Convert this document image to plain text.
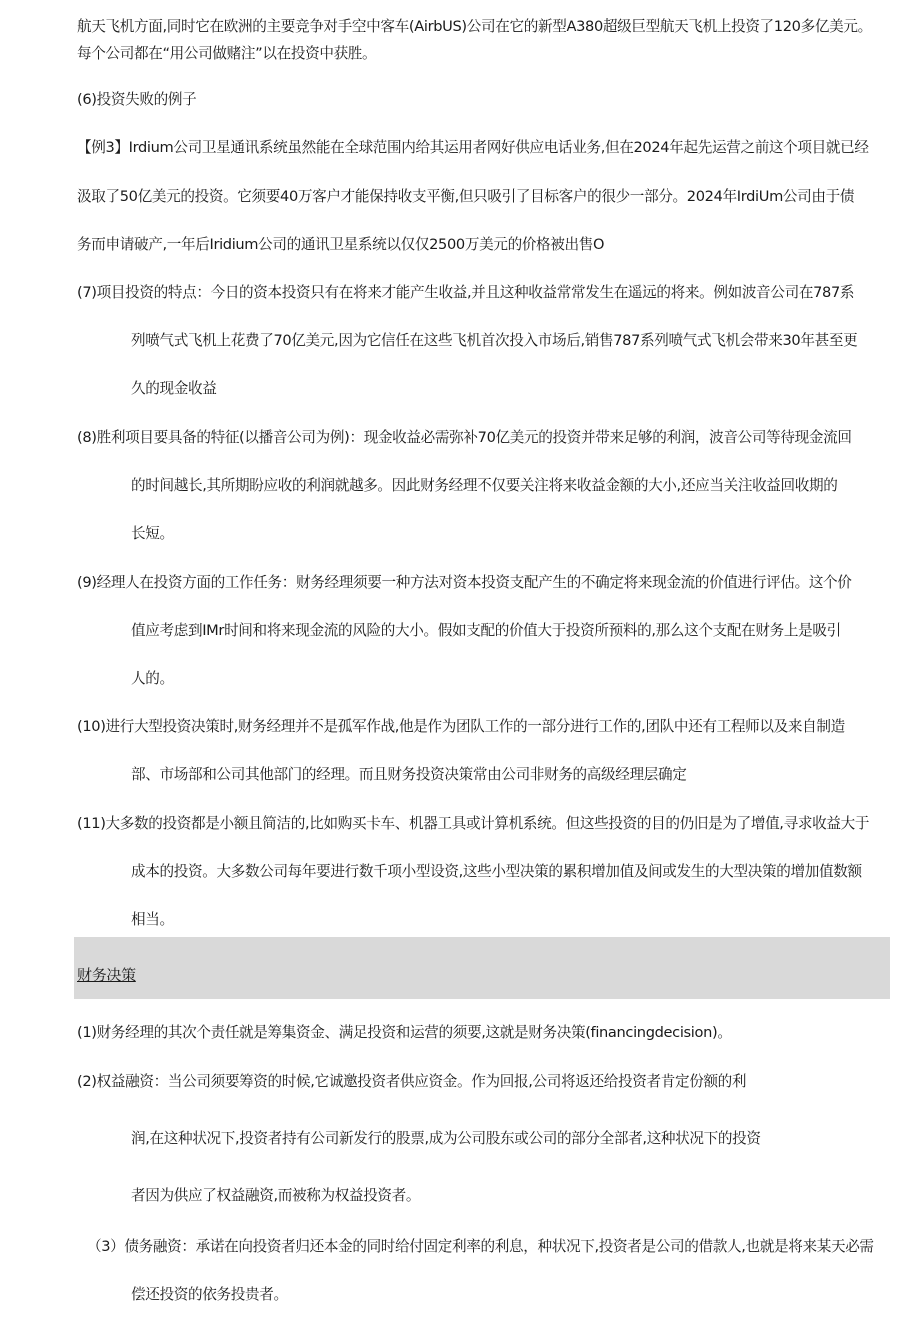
航天飞机方面,同时它在欧洲的主要竞争对手空中客车(AirbUS)公司在它的新型A380超级巨型航天飞机上投资了120多亿美元。
每个公司都在“用公司做赌注”以在投资中获胜。
(6)投资失败的例子
【例3】Irdium公司卫星通讯系统虽然能在全球范围内给其运用者网好供应电话业务,但在2024年起先运营之前这个项目就已经
汲取了50亿美元的投资。它须要40万客户才能保持收支平衡,但只吸引了目标客户的很少一部分。2024年IrdiUm公司由于债
务而申请破产,一年后Iridium公司的通讯卫星系统以仅仅2500万美元的价格被出售O
(7)项目投资的特点：今日的资本投资只有在将来才能产生收益,并且这种收益常常发生在遥远的将来。例如波音公司在787系
列喷气式飞机上花费了70亿美元,因为它信任在这些飞机首次投入市场后,销售787系列喷气式飞机会带来30年甚至更
久的现金收益
(8)胜利项目要具备的特征(以播音公司为例)：现金收益必需弥补70亿美元的投资并带来足够的利润，波音公司等待现金流回
的时间越长,其所期盼应收的利润就越多。因此财务经理不仅要关注将来收益金额的大小,还应当关注收益回收期的
长短。
(9)经理人在投资方面的工作任务：财务经理须要一种方法对资本投资支配产生的不确定将来现金流的价值进行评估。这个价
值应考虑到IMr时间和将来现金流的风险的大小。假如支配的价值大于投资所预料的,那么这个支配在财务上是吸引
人的。
(10)进行大型投资决策时,财务经理并不是孤军作战,他是作为团队工作的一部分进行工作的,团队中还有工程师以及来自制造
部、市场部和公司其他部门的经理。而且财务投资决策常由公司非财务的高级经理层确定
(11)大多数的投资都是小额且简洁的,比如购买卡车、机器工具或计算机系统。但这些投资的目的仍旧是为了增值,寻求收益大于
成本的投资。大多数公司每年要进行数千项小型设资,这些小型决策的累积增加值及间或发生的大型决策的增加值数额
相当。
财务决策
(1)财务经理的其次个责任就是筹集资金、满足投资和运营的须要,这就是财务决策(financingdecision)。
(2)权益融资：当公司须要筹资的时候,它诚邀投资者供应资金。作为回报,公司将返还给投资者肯定份额的利
润,在这种状况下,投资者持有公司新发行的股票,成为公司股东或公司的部分全部者,这种状况下的投资
者因为供应了权益融资,而被称为权益投资者。
（3）债务融资：承诺在向投资者归还本金的同时给付固定利率的利息，种状况下,投资者是公司的借款人,也就是将来某天必需
偿还投资的依务投贵者。
